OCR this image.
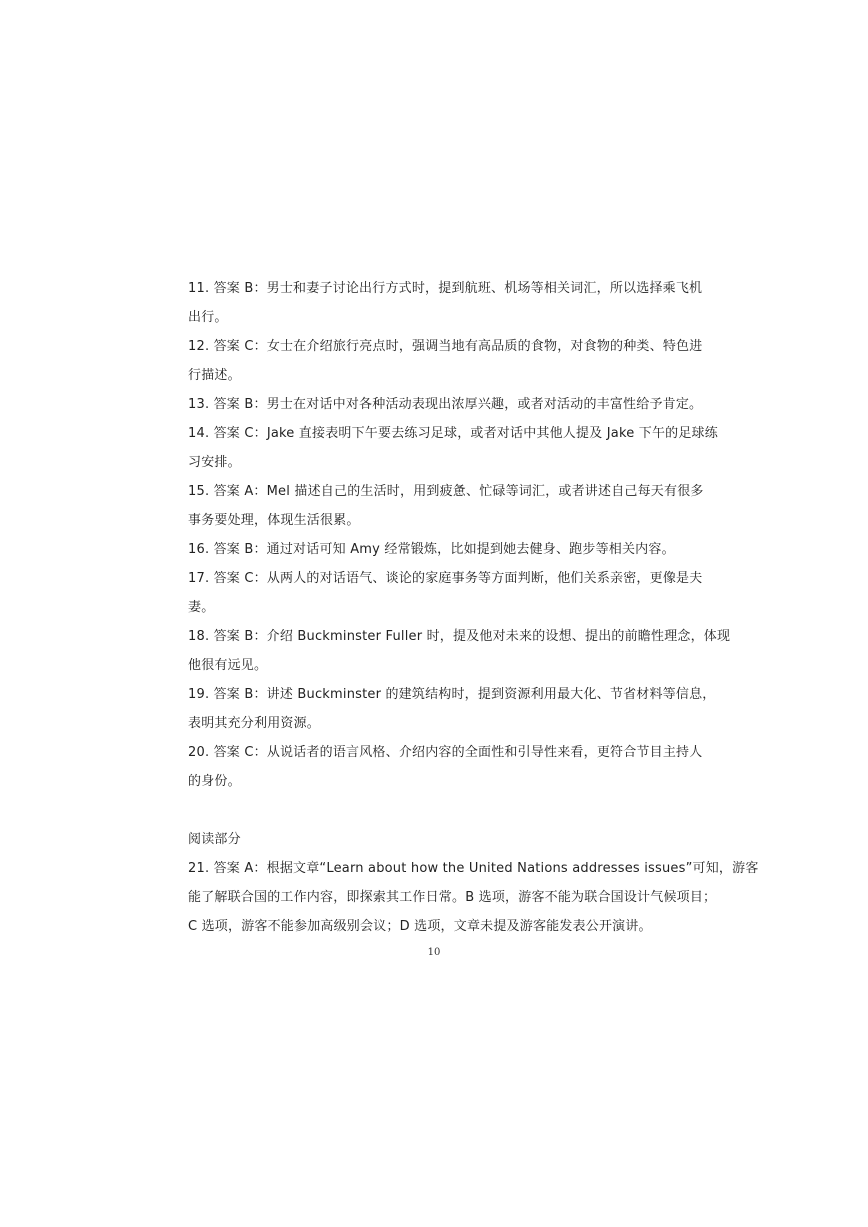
11. 答案 B：男士和妻子讨论出行方式时，提到航班、机场等相关词汇，所以选择乘飞机
出行。
12. 答案 C：女士在介绍旅行亮点时，强调当地有高品质的食物，对食物的种类、特色进
行描述。
13. 答案 B：男士在对话中对各种活动表现出浓厚兴趣，或者对活动的丰富性给予肯定。
14. 答案 C：Jake 直接表明下午要去练习足球，或者对话中其他人提及 Jake 下午的足球练
习安排。
15. 答案 A：Mel 描述自己的生活时，用到疲惫、忙碌等词汇，或者讲述自己每天有很多
事务要处理，体现生活很累。
16. 答案 B：通过对话可知 Amy 经常锻炼，比如提到她去健身、跑步等相关内容。
17. 答案 C：从两人的对话语气、谈论的家庭事务等方面判断，他们关系亲密，更像是夫
妻。
18. 答案 B：介绍 Buckminster Fuller 时，提及他对未来的设想、提出的前瞻性理念，体现
他很有远见。
19. 答案 B：讲述 Buckminster 的建筑结构时，提到资源利用最大化、节省材料等信息，
表明其充分利用资源。
20. 答案 C：从说话者的语言风格、介绍内容的全面性和引导性来看，更符合节目主持人
的身份。
阅读部分
21. 答案 A：根据文章“Learn about how the United Nations addresses issues”可知，游客
能了解联合国的工作内容，即探索其工作日常。B 选项，游客不能为联合国设计气候项目；
C 选项，游客不能参加高级别会议；D 选项，文章未提及游客能发表公开演讲。
10
